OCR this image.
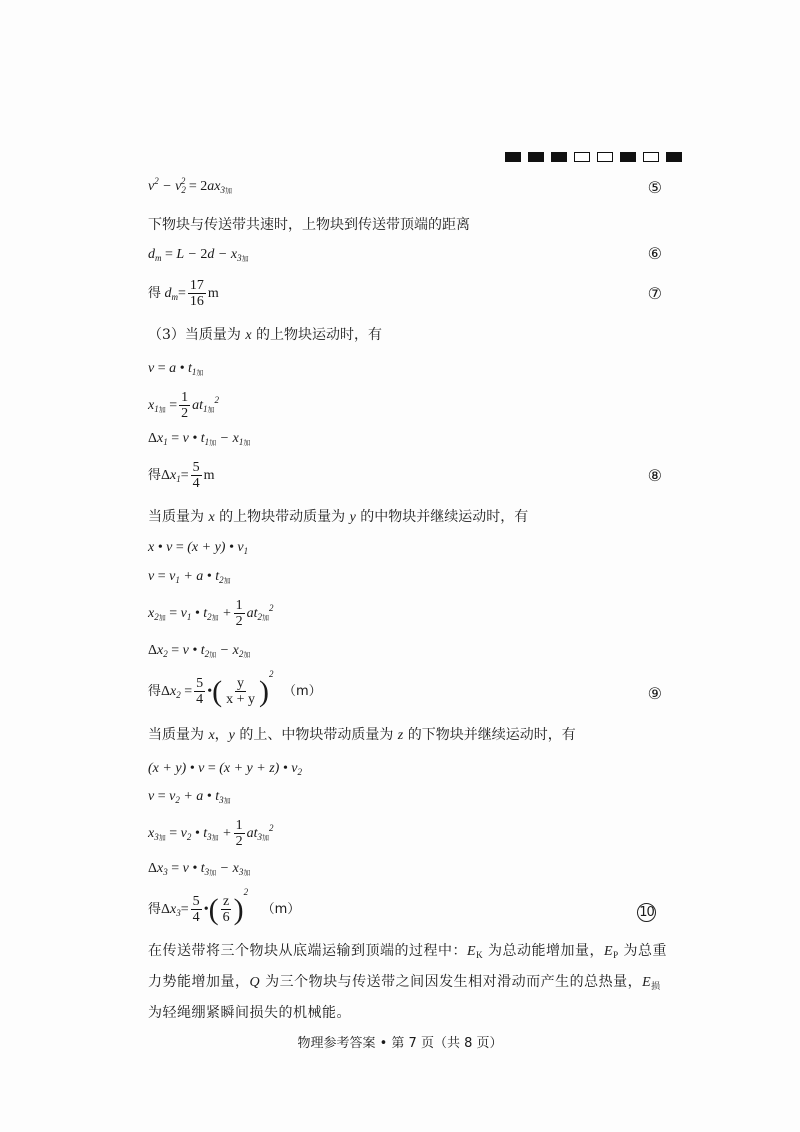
$v^2 - v_2^2 = 2ax_{3加}$	⑤
下物块与传送带共速时，上物块到传送带顶端的距离
$d_m = L - 2d - x_{3加}$	⑥
得 $d_m= \frac{17}{16}$ m	⑦
（3）当质量为 x 的上物块运动时，有
v = a • $t_{1加}$
$x_{1加} = \frac{1}{2} at_{1加}^2$
$\Delta x_1 = v$ • $t_{1加} - x_{1加}$
得$\Delta x_1= \frac{5}{4}$ m	⑧
当质量为 x 的上物块带动质量为 y 的中物块并继续运动时，有
x • v = (x + y) • $v_1$
$v = v_1 + a$ • $t_{2加}$
$x_{2加} = v_1$ • $t_{2加} + \frac{1}{2} at_{2加}^2$
$\Delta x_2 = v$ • $t_{2加} - x_{2加}$
得$\Delta x_2 = \frac{5}{4}$ •( $\frac{y}{x + y} )^2$ （m）	⑨
当质量为 x，y 的上、中物块带动质量为 z 的下物块并继续运动时，有
(x + y) • v = (x + y + z) • $v_2$
$v = v_2 + a$ • $t_{3加}$
$x_{3加} = v_2$ • $t_{3加} + \frac{1}{2} at_{3加}^2$
$\Delta x_3 = v$ • $t_{3加} - x_{3加}$
得$\Delta x_3= \frac{5}{4}$ •( $\frac{z}{6} )^2$ （m）	10
在传送带将三个物块从底端运输到顶端的过程中：$E_K$ 为总动能增加量，$E_P$ 为总重力势能增加量，Q 为三个物块与传送带之间因发生相对滑动而产生的总热量，$E_损$ 为轻绳绷紧瞬间损失的机械能。
物理参考答案 • 第 7 页（共 8 页）
